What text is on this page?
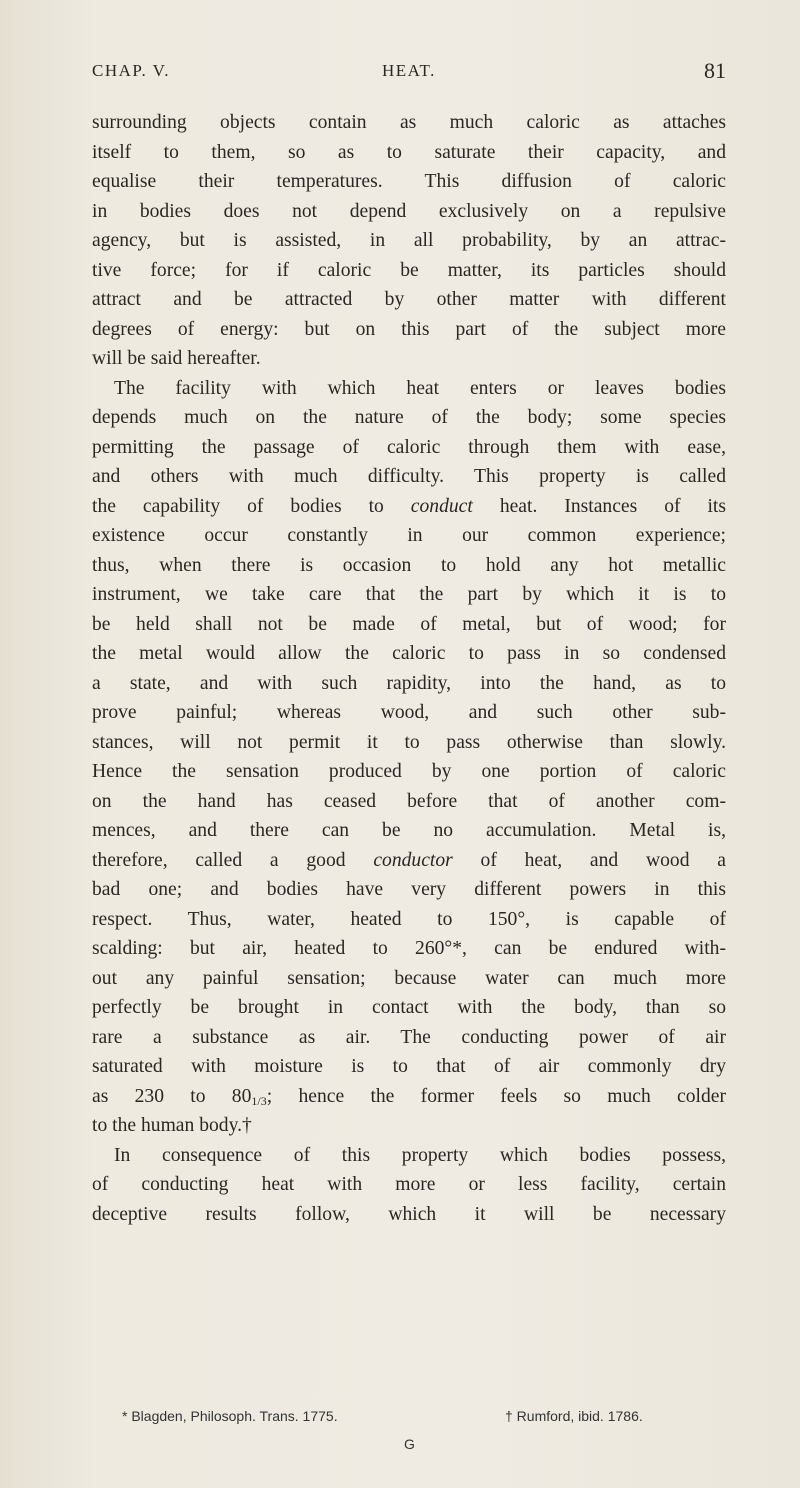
CHAP. V.	HEAT.	81
surrounding objects contain as much caloric as attaches
itself to them, so as to saturate their capacity, and
equalise their temperatures. This diffusion of caloric
in bodies does not depend exclusively on a repulsive
agency, but is assisted, in all probability, by an attrac-
tive force; for if caloric be matter, its particles should
attract and be attracted by other matter with different
degrees of energy: but on this part of the subject more
will be said hereafter.
The facility with which heat enters or leaves bodies
depends much on the nature of the body; some species
permitting the passage of caloric through them with ease,
and others with much difficulty. This property is called
the capability of bodies to conduct heat. Instances of its
existence occur constantly in our common experience;
thus, when there is occasion to hold any hot metallic
instrument, we take care that the part by which it is to
be held shall not be made of metal, but of wood; for
the metal would allow the caloric to pass in so condensed
a state, and with such rapidity, into the hand, as to
prove painful; whereas wood, and such other sub-
stances, will not permit it to pass otherwise than slowly.
Hence the sensation produced by one portion of caloric
on the hand has ceased before that of another com-
mences, and there can be no accumulation. Metal is,
therefore, called a good conductor of heat, and wood a
bad one; and bodies have very different powers in this
respect. Thus, water, heated to 150°, is capable of
scalding: but air, heated to 260°*, can be endured with-
out any painful sensation; because water can much more
perfectly be brought in contact with the body, than so
rare a substance as air. The conducting power of air
saturated with moisture is to that of air commonly dry
as 230 to 801/3; hence the former feels so much colder
to the human body.†
In consequence of this property which bodies possess,
of conducting heat with more or less facility, certain
deceptive results follow, which it will be necessary
* Blagden, Philosoph. Trans. 1775.	† Rumford, ibid. 1786.
G
